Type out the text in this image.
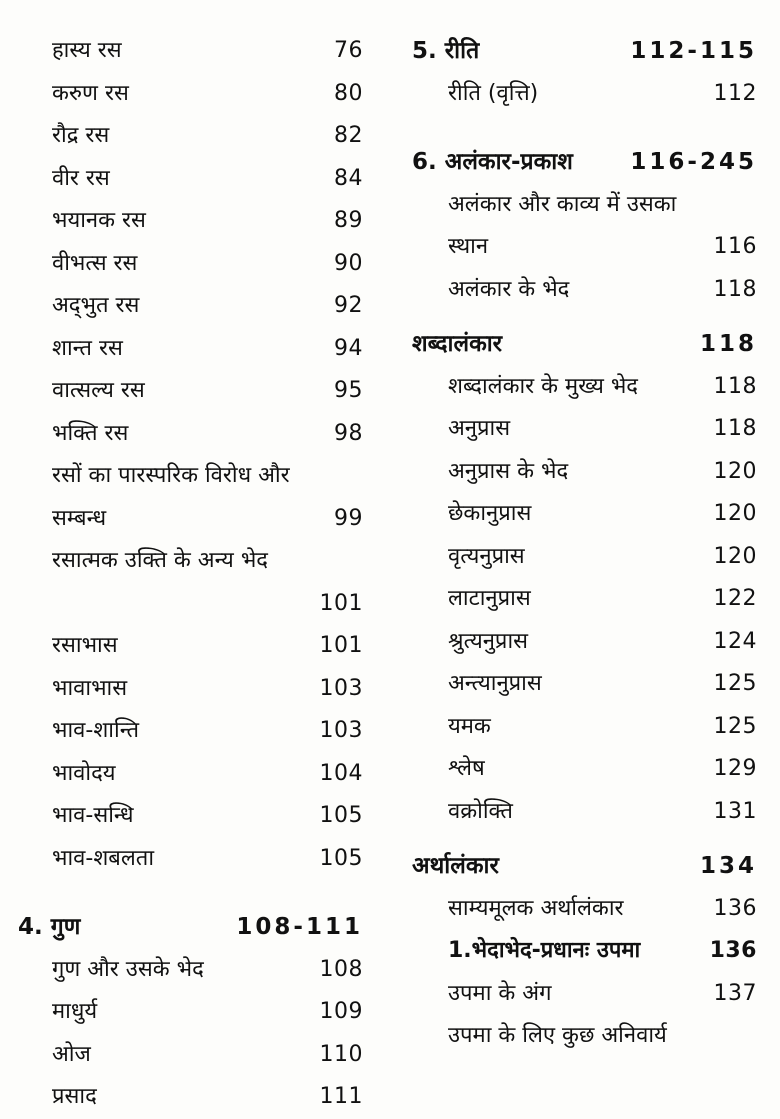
हास्य रस	76
करुण रस	80
रौद्र रस	82
वीर रस	84
भयानक रस	89
वीभत्स रस	90
अद्‌भुत रस	92
शान्त रस	94
वात्सल्य रस	95
भक्ति रस	98
रसों का पारस्परिक विरोध और सम्बन्ध	99
रसात्मक उक्ति के अन्य भेद
101
रसाभास	101
भावाभास	103
भाव-शान्ति	103
भावोदय	104
भाव-सन्धि	105
भाव-शबलता	105
4. गुण	108-111
गुण और उसके भेद	108
माधुर्य	109
ओज	110
प्रसाद	111
5. रीति	112-115
रीति (वृत्ति)	112
6. अलंकार-प्रकाश	116-245
अलंकार और काव्य में उसका स्थान	116
अलंकार के भेद	118
शब्दालंकार	118
शब्दालंकार के मुख्य भेद	118
अनुप्रास	118
अनुप्रास के भेद	120
छेकानुप्रास	120
वृत्यनुप्रास	120
लाटानुप्रास	122
श्रुत्यनुप्रास	124
अन्त्यानुप्रास	125
यमक	125
श्लेष	129
वक्रोक्ति	131
अर्थालंकार	134
साम्यमूलक अर्थालंकार	136
1.भेदाभेद-प्रधानः उपमा	136
उपमा के अंग	137
उपमा के लिए कुछ अनिवार्य
